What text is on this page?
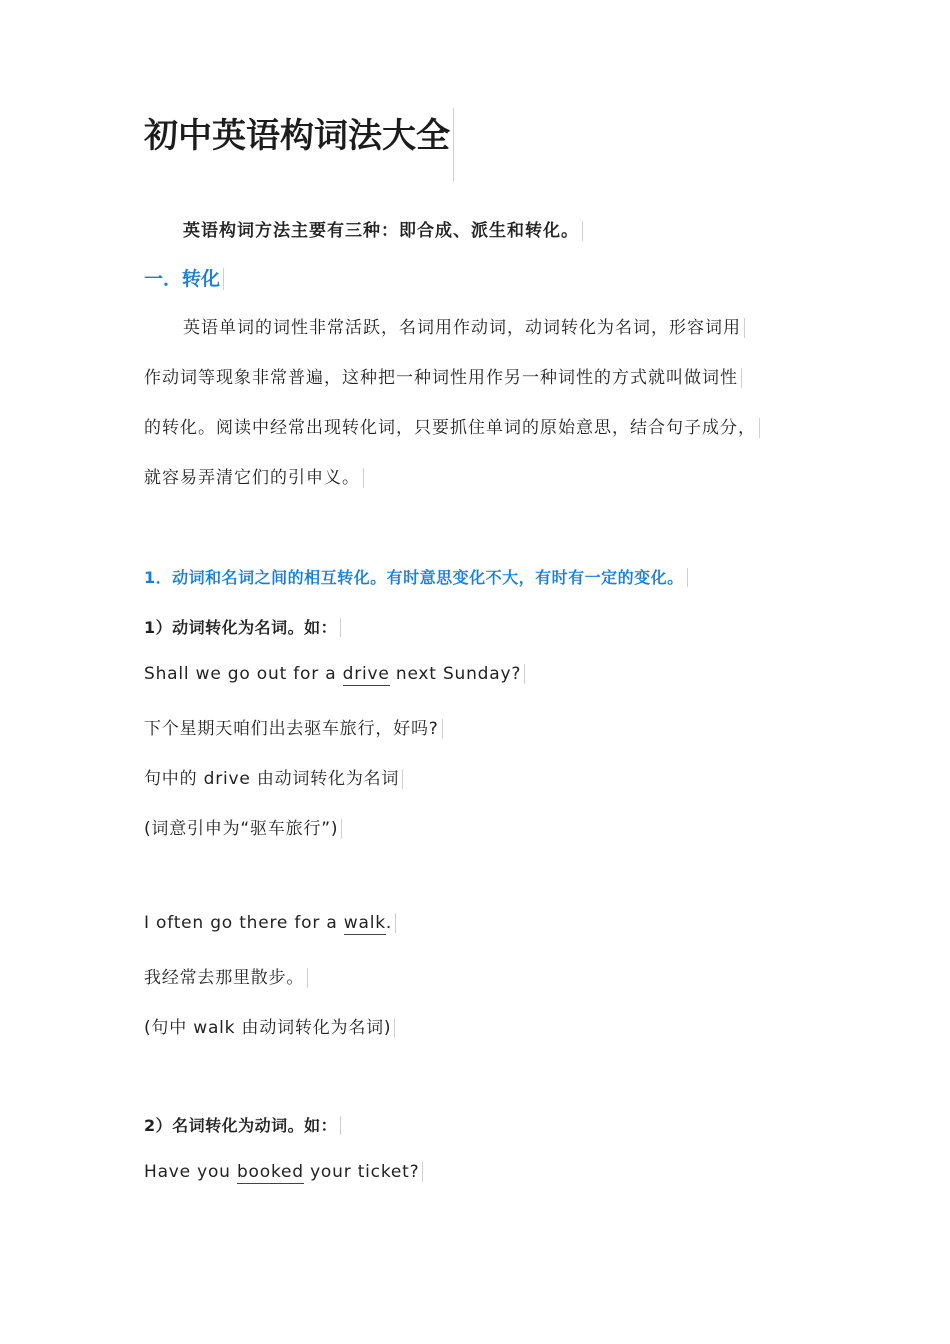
初中英语构词法大全
英语构词方法主要有三种：即合成、派生和转化。
一．转化
英语单词的词性非常活跃，名词用作动词，动词转化为名词，形容词用
作动词等现象非常普遍，这种把一种词性用作另一种词性的方式就叫做词性
的转化。阅读中经常出现转化词，只要抓住单词的原始意思，结合句子成分，
就容易弄清它们的引申义。
1．动词和名词之间的相互转化。有时意思变化不大，有时有一定的变化。
1）动词转化为名词。如：
Shall we go out for a drive next Sunday?
下个星期天咱们出去驱车旅行，好吗?
句中的 drive 由动词转化为名词
(词意引申为“驱车旅行”)
I often go there for a walk.
我经常去那里散步。
(句中 walk 由动词转化为名词)
2）名词转化为动词。如：
Have you booked your ticket?
